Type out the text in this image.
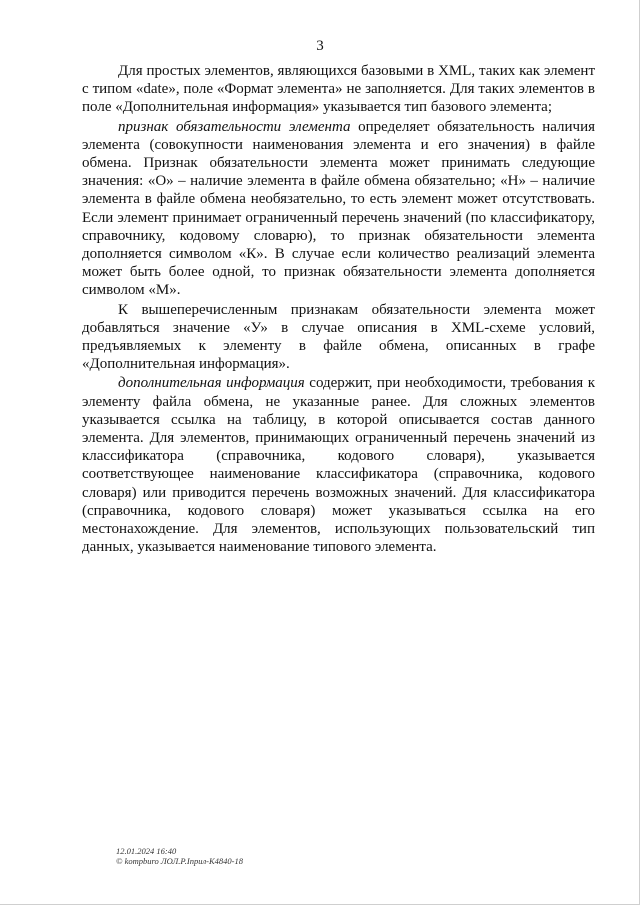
3

Для простых элементов, являющихся базовыми в XML, таких как элемент с типом «date», поле «Формат элемента» не заполняется. Для таких элементов в поле «Дополнительная информация» указывается тип базового элемента;

признак обязательности элемента определяет обязательность наличия элемента (совокупности наименования элемента и его значения) в файле обмена. Признак обязательности элемента может принимать следующие значения: «О» – наличие элемента в файле обмена обязательно; «Н» – наличие элемента в файле обмена необязательно, то есть элемент может отсутствовать. Если элемент принимает ограниченный перечень значений (по классификатору, справочнику, кодовому словарю), то признак обязательности элемента дополняется символом «К». В случае если количество реализаций элемента может быть более одной, то признак обязательности элемента дополняется символом «М».

К вышеперечисленным признакам обязательности элемента может добавляться значение «У» в случае описания в XML-схеме условий, предъявляемых к элементу в файле обмена, описанных в графе «Дополнительная информация».

дополнительная информация содержит, при необходимости, требования к элементу файла обмена, не указанные ранее. Для сложных элементов указывается ссылка на таблицу, в которой описывается состав данного элемента. Для элементов, принимающих ограниченный перечень значений из классификатора (справочника, кодового словаря), указывается соответствующее наименование классификатора (справочника, кодового словаря) или приводится перечень возможных значений. Для классификатора (справочника, кодового словаря) может указываться ссылка на его местонахождение. Для элементов, использующих пользовательский тип данных, указывается наименование типового элемента.

12.01.2024 16:40
© kompburo ЛОЛ.Р.Iприл-К4840-18
